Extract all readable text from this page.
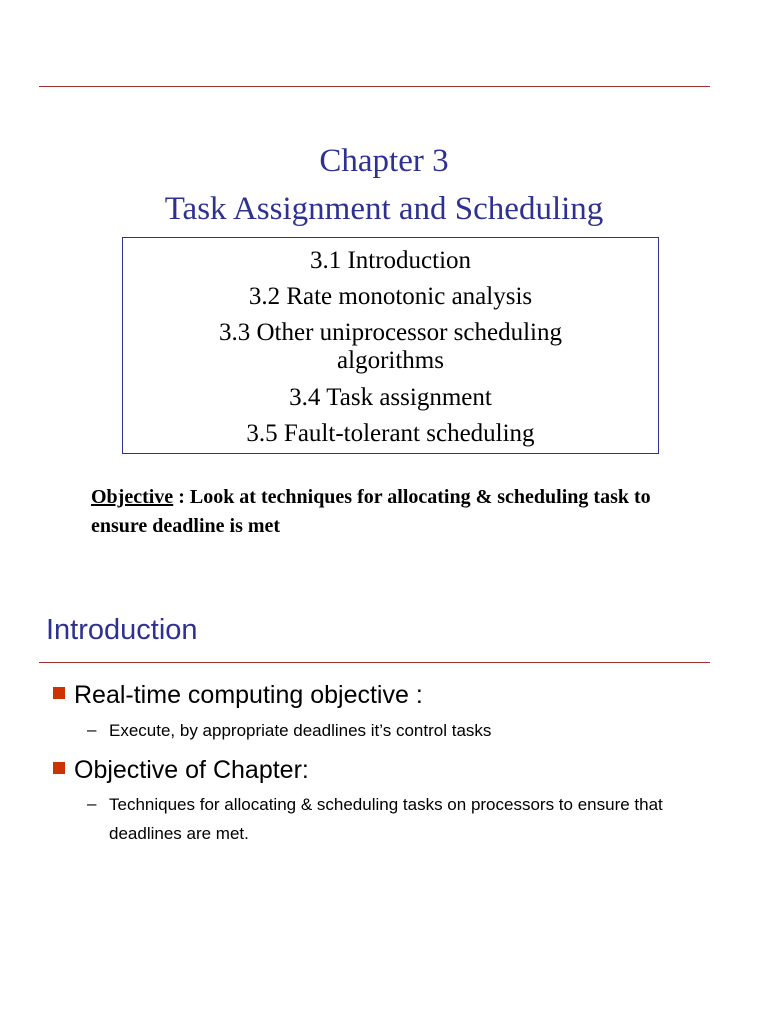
Chapter 3
Task Assignment and Scheduling
3.1 Introduction
3.2 Rate monotonic analysis
3.3 Other uniprocessor scheduling
algorithms
3.4 Task assignment
3.5 Fault-tolerant scheduling
Objective : Look at techniques for allocating & scheduling task to ensure deadline is met
Introduction
Real-time computing objective :
– Execute, by appropriate deadlines it’s control tasks
Objective of Chapter:
– Techniques for allocating & scheduling tasks on processors to ensure that deadlines are met.
